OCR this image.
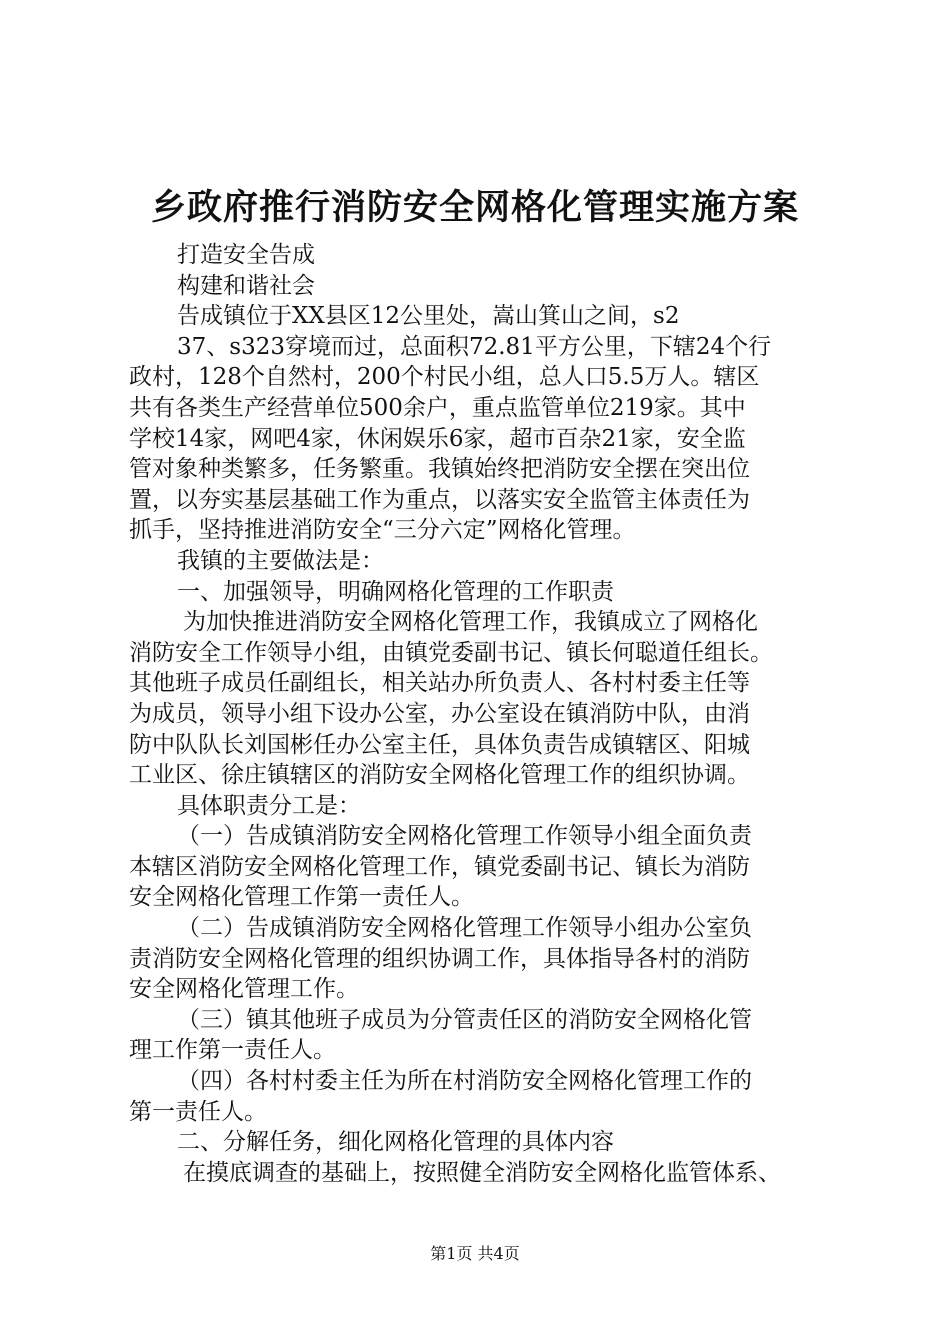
乡政府推行消防安全网格化管理实施方案
打造安全告成
构建和谐社会
告成镇位于XX县区12公里处，嵩山箕山之间，s2
37、s323穿境而过，总面积72.81平方公里，下辖24个行
政村，128个自然村，200个村民小组，总人口5.5万人。辖区
共有各类生产经营单位500余户，重点监管单位219家。其中
学校14家，网吧4家，休闲娱乐6家，超市百杂21家，安全监
管对象种类繁多，任务繁重。我镇始终把消防安全摆在突出位
置，以夯实基层基础工作为重点，以落实安全监管主体责任为
抓手，坚持推进消防安全“三分六定”网格化管理。
我镇的主要做法是：
一、加强领导，明确网格化管理的工作职责
为加快推进消防安全网格化管理工作，我镇成立了网格化
消防安全工作领导小组，由镇党委副书记、镇长何聪道任组长。
其他班子成员任副组长，相关站办所负责人、各村村委主任等
为成员，领导小组下设办公室，办公室设在镇消防中队，由消
防中队队长刘国彬任办公室主任，具体负责告成镇辖区、阳城
工业区、徐庄镇辖区的消防安全网格化管理工作的组织协调。
具体职责分工是：
（一）告成镇消防安全网格化管理工作领导小组全面负责
本辖区消防安全网格化管理工作，镇党委副书记、镇长为消防
安全网格化管理工作第一责任人。
（二）告成镇消防安全网格化管理工作领导小组办公室负
责消防安全网格化管理的组织协调工作，具体指导各村的消防
安全网格化管理工作。
（三）镇其他班子成员为分管责任区的消防安全网格化管
理工作第一责任人。
（四）各村村委主任为所在村消防安全网格化管理工作的
第一责任人。
二、分解任务，细化网格化管理的具体内容
在摸底调查的基础上，按照健全消防安全网格化监管体系、
第1页 共4页
